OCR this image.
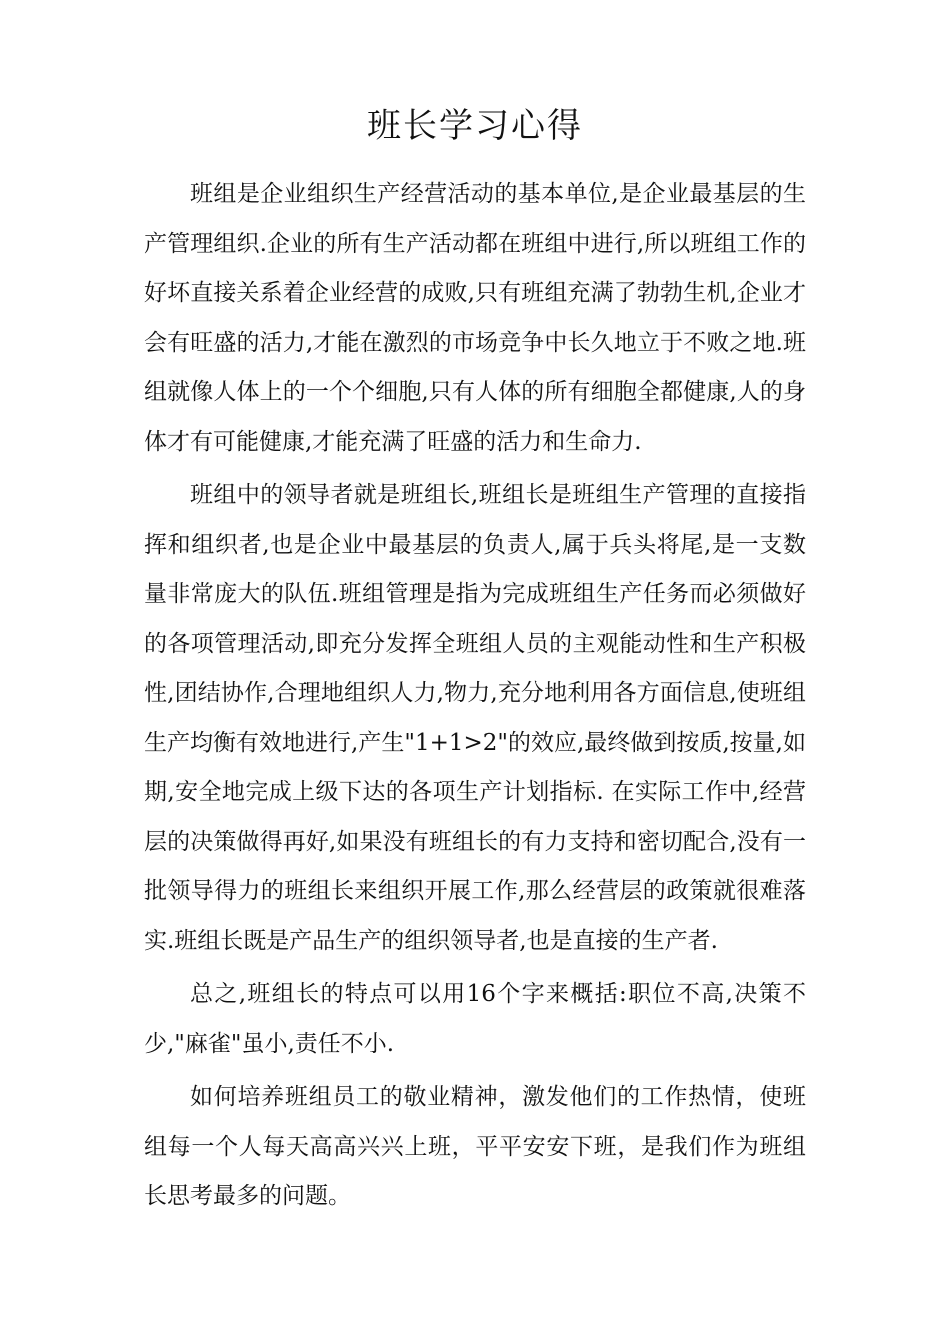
班长学习心得

班组是企业组织生产经营活动的基本单位,是企业最基层的生产管理组织.企业的所有生产活动都在班组中进行,所以班组工作的好坏直接关系着企业经营的成败,只有班组充满了勃勃生机,企业才会有旺盛的活力,才能在激烈的市场竞争中长久地立于不败之地.班组就像人体上的一个个细胞,只有人体的所有细胞全都健康,人的身体才有可能健康,才能充满了旺盛的活力和生命力.

班组中的领导者就是班组长,班组长是班组生产管理的直接指挥和组织者,也是企业中最基层的负责人,属于兵头将尾,是一支数量非常庞大的队伍.班组管理是指为完成班组生产任务而必须做好的各项管理活动,即充分发挥全班组人员的主观能动性和生产积极性,团结协作,合理地组织人力,物力,充分地利用各方面信息,使班组生产均衡有效地进行,产生"1+1>2"的效应,最终做到按质,按量,如期,安全地完成上级下达的各项生产计划指标. 在实际工作中,经营层的决策做得再好,如果没有班组长的有力支持和密切配合,没有一批领导得力的班组长来组织开展工作,那么经营层的政策就很难落实.班组长既是产品生产的组织领导者,也是直接的生产者.

总之,班组长的特点可以用16个字来概括:职位不高,决策不少,"麻雀"虽小,责任不小.

如何培养班组员工的敬业精神，激发他们的工作热情，使班组每一个人每天高高兴兴上班，平平安安下班，是我们作为班组长思考最多的问题。
